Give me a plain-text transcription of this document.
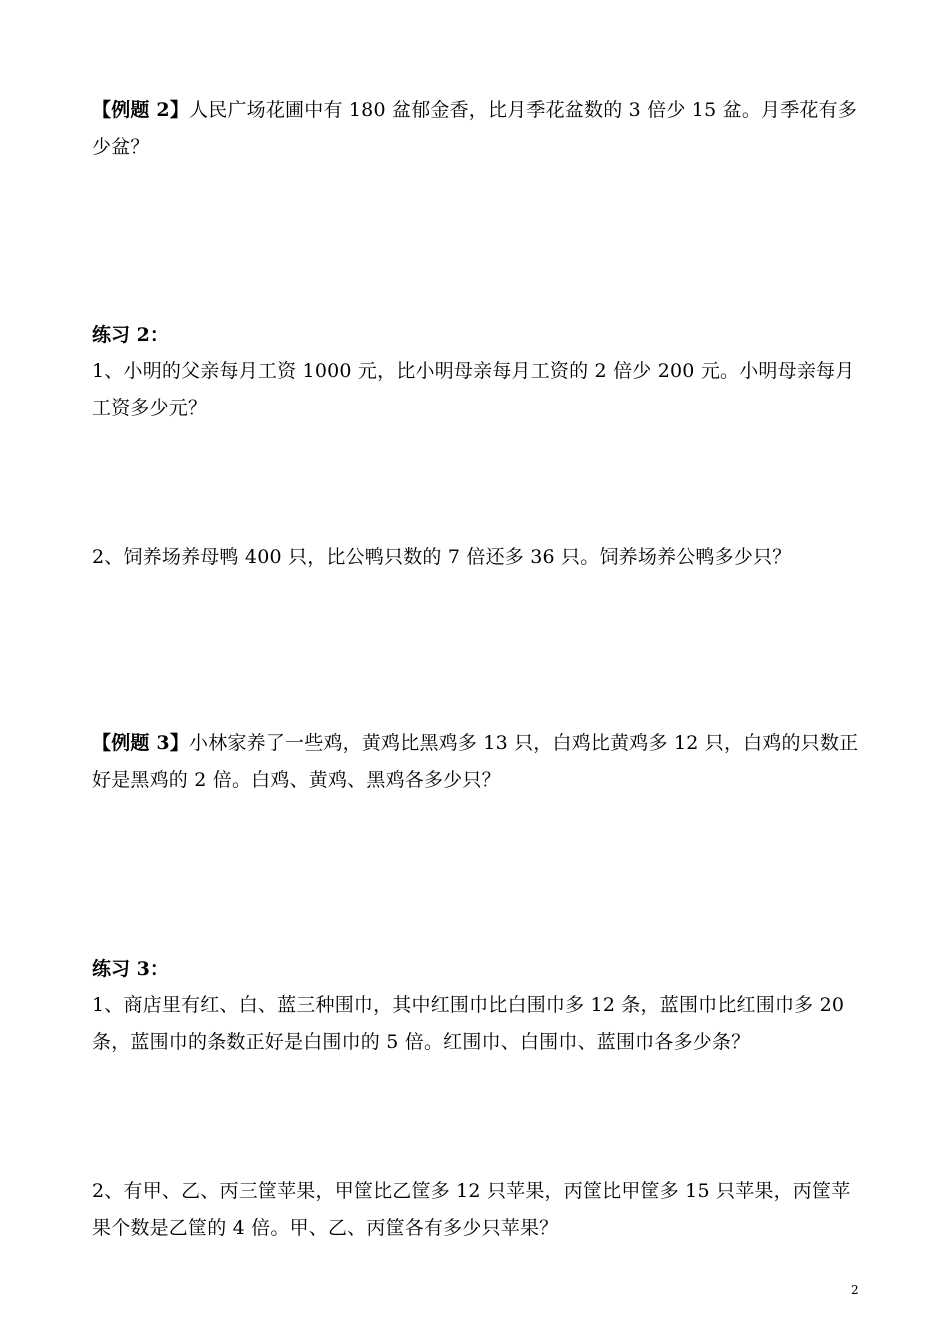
【例题 2】人民广场花圃中有 180 盆郁金香，比月季花盆数的 3 倍少 15 盆。月季花有多少盆？

练习 2：

1、小明的父亲每月工资 1000 元，比小明母亲每月工资的 2 倍少 200 元。小明母亲每月工资多少元？

2、饲养场养母鸭 400 只，比公鸭只数的 7 倍还多 36 只。饲养场养公鸭多少只？

【例题 3】小林家养了一些鸡，黄鸡比黑鸡多 13 只，白鸡比黄鸡多 12 只，白鸡的只数正好是黑鸡的 2 倍。白鸡、黄鸡、黑鸡各多少只？

练习 3：

1、商店里有红、白、蓝三种围巾，其中红围巾比白围巾多 12 条，蓝围巾比红围巾多 20 条，蓝围巾的条数正好是白围巾的 5 倍。红围巾、白围巾、蓝围巾各多少条？

2、有甲、乙、丙三筐苹果，甲筐比乙筐多 12 只苹果，丙筐比甲筐多 15 只苹果，丙筐苹果个数是乙筐的 4 倍。甲、乙、丙筐各有多少只苹果？

2
